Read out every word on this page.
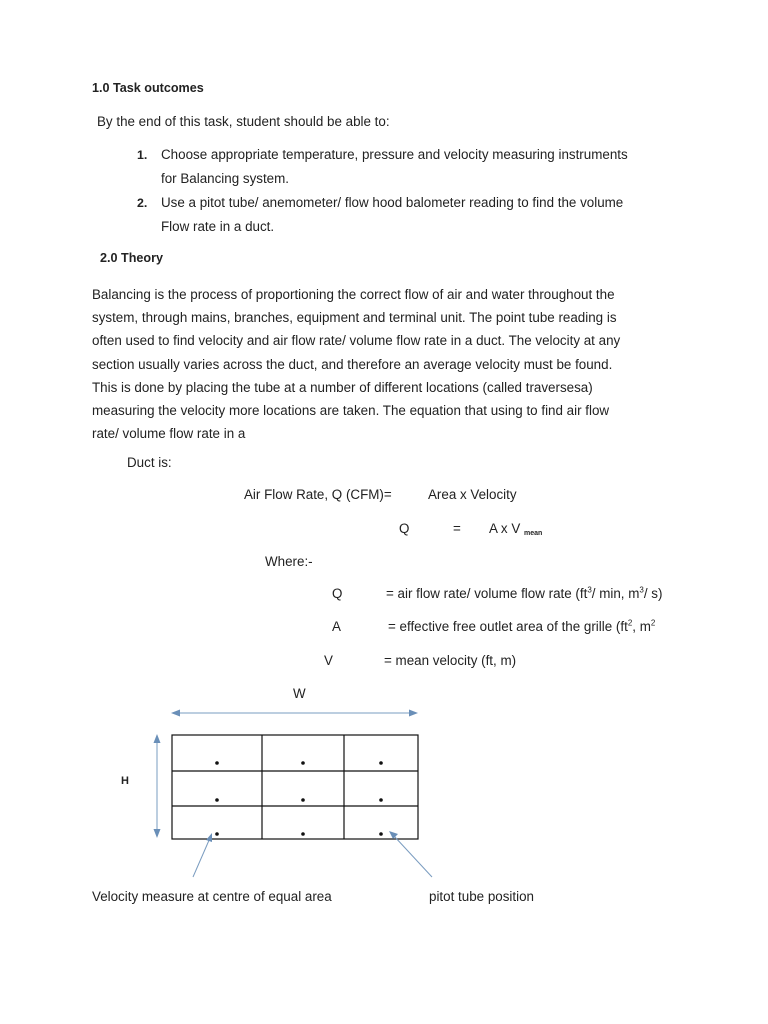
1.0 Task outcomes
By the end of this task, student should be able to:
1. Choose appropriate temperature, pressure and velocity measuring instruments
for Balancing system.
2. Use a pitot tube/ anemometer/ flow hood balometer reading to find the volume
Flow rate in a duct.
2.0 Theory
Balancing is the process of proportioning the correct flow of air and water throughout the
system, through mains, branches, equipment and terminal unit. The point tube reading is
often used to find velocity and air flow rate/ volume flow rate in a duct. The velocity at any
section usually varies across the duct, and therefore an average velocity must be found.
This is done by placing the tube at a number of different locations (called traversesa)
measuring the velocity more locations are taken. The equation that using to find air flow
rate/ volume flow rate in a
Duct is:
Air Flow Rate, Q (CFM)=	Area x Velocity
Q	= A x V $_{mean}$
Where:-
Q	= air flow rate/ volume flow rate ($ft^3/$ min, $m^3/$ s)
A	= effective free outlet area of the grille ($ft^2$, $m^2$
V	= mean velocity (ft, m)
W
H
Velocity measure at centre of equal area	pitot tube position
